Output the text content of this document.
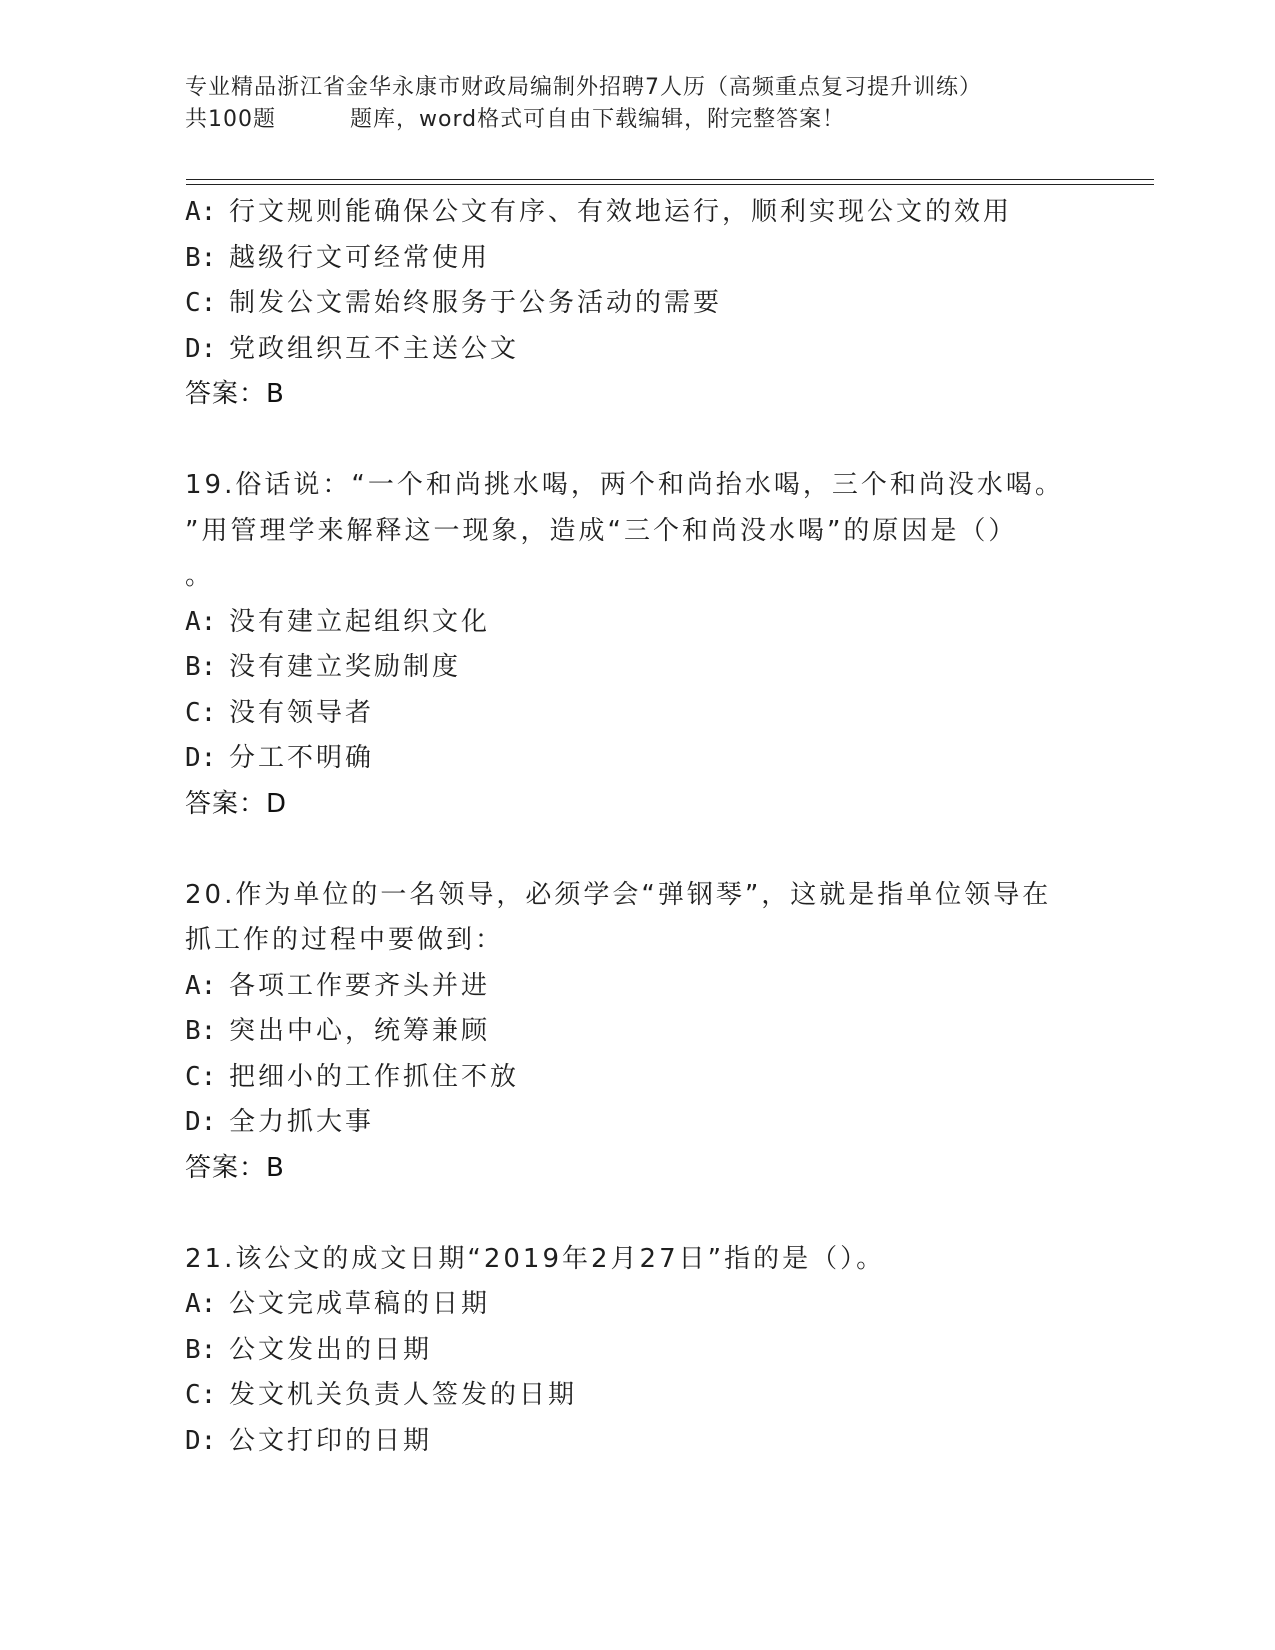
专业精品浙江省金华永康市财政局编制外招聘7人历（高频重点复习提升训练）
共100题	题库，word格式可自由下载编辑，附完整答案！
A: 行文规则能确保公文有序、有效地运行，顺利实现公文的效用
B: 越级行文可经常使用
C: 制发公文需始终服务于公务活动的需要
D: 党政组织互不主送公文
答案：B
19.俗话说：“一个和尚挑水喝，两个和尚抬水喝，三个和尚没水喝。
”用管理学来解释这一现象，造成“三个和尚没水喝”的原因是（）
。
A: 没有建立起组织文化
B: 没有建立奖励制度
C: 没有领导者
D: 分工不明确
答案：D
20.作为单位的一名领导，必须学会“弹钢琴”，这就是指单位领导在
抓工作的过程中要做到：
A: 各项工作要齐头并进
B: 突出中心，统筹兼顾
C: 把细小的工作抓住不放
D: 全力抓大事
答案：B
21.该公文的成文日期“2019年2月27日”指的是（）。
A: 公文完成草稿的日期
B: 公文发出的日期
C: 发文机关负责人签发的日期
D: 公文打印的日期
